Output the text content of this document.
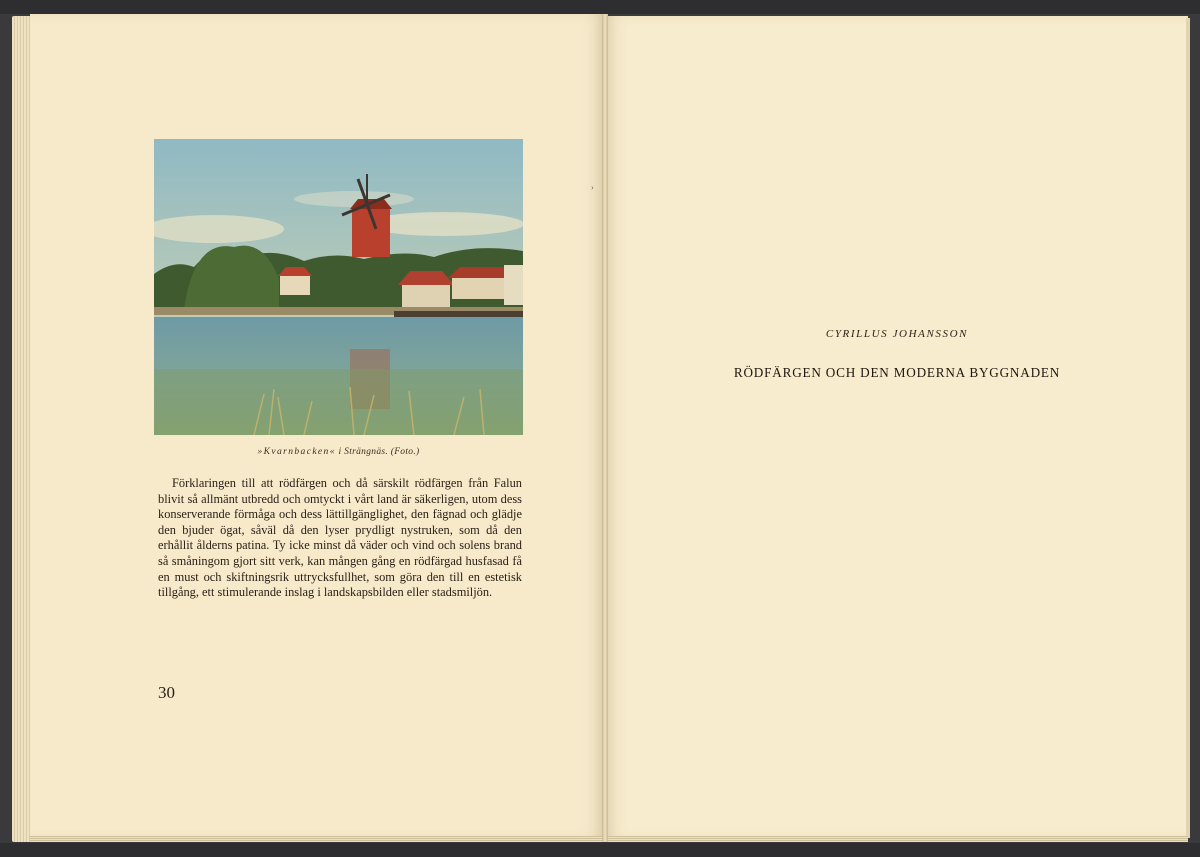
»Kvarnbacken« i Strängnäs. (Foto.)

Förklaringen till att rödfärgen och då särskilt rödfärgen från Falun blivit så allmänt utbredd och omtyckt i vårt land är säkerligen, utom dess konserverande förmåga och dess lättillgänglighet, den fägnad och glädje den bjuder ögat, såväl då den lyser prydligt nystruken, som då den erhållit ålderns patina. Ty icke minst då väder och vind och solens brand så småningom gjort sitt verk, kan mången gång en rödfärgad husfasad få en must och skiftningsrik uttrycksfullhet, som göra den till en estetisk tillgång, ett stimulerande inslag i landskapsbilden eller stadsmiljön.

30
›
CYRILLUS JOHANSSON
RÖDFÄRGEN OCH DEN MODERNA BYGGNADEN
